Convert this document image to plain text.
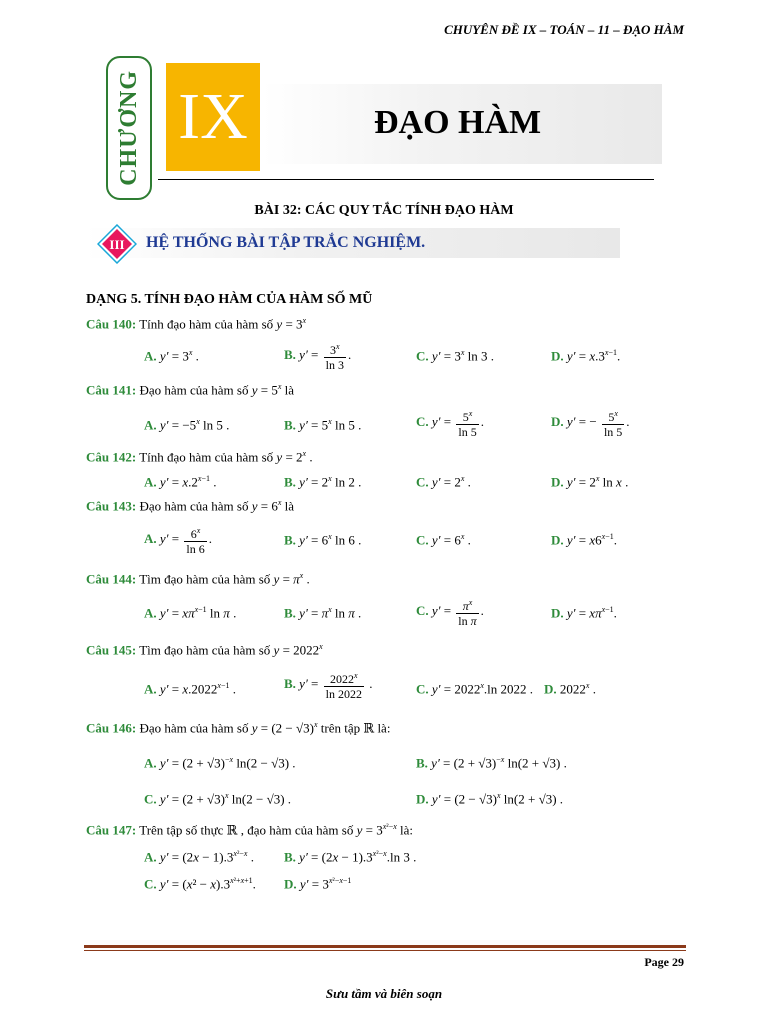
CHUYÊN ĐỀ IX – TOÁN – 11 – ĐẠO HÀM
CHƯƠNG IX	ĐẠO HÀM
BÀI 32: CÁC QUY TẮC TÍNH ĐẠO HÀM
III HỆ THỐNG BÀI TẬP TRẮC NGHIỆM.
DẠNG 5. TÍNH ĐẠO HÀM CỦA HÀM SỐ MŨ
Câu 140: Tính đạo hàm của hàm số $y = 3^x$
A. $y' = 3^x$ .	B. $y' = \frac{3^x}{\ln 3}$ .	C. $y' = 3^x$ ln 3 .	D. $y' = x.3^{x-1}$.
Câu 141: Đạo hàm của hàm số $y = 5^x$ là
A. $y' = -5^x$ ln 5 .	B. $y' = 5^x$ ln 5 .	C. $y' = \frac{5^x}{\ln 5}$ .	D. y′ = − $\frac{5^x}{\ln 5}$ .
Câu 142: Tính đạo hàm của hàm số $y = 2^x$ .
A. $y' = x.2^{x-1}$ .	B. $y' = 2^x$ ln 2 .	C. $y' = 2^x$ .	D. $y' = 2^x$ ln x .
Câu 143: Đạo hàm của hàm số $y = 6^x$ là
A. $y' = \frac{6^x}{\ln 6}$ .	B. $y' = 6^x$ ln 6 .	C. $y' = 6^x$ .	D. $y' = x6^{x-1}$.
Câu 144: Tìm đạo hàm của hàm số $y = \pi^x$ .
A. $y' = x\pi^{x-1}$ ln π .	B. $y' = \pi^x$ ln π .	C. $y' = \frac{\pi^x}{\text{ln π}}$ .	D. $y' = x\pi^{x-1}$.
Câu 145: Tìm đạo hàm của hàm số $y = 2022^x$
A. $y' = x.2022^{x-1}$ .	B. $y' = \frac{2022^x}{\ln 2022}$ .	C. $y' = 2022^x.\ln$ 2022 . D. 2022$^x$ .
Câu 146: Đạo hàm của hàm số $y = (2 - √3)^x$ trên tập ℝ là:
A. $y' = (2 + √3)^{-x}$ ln(2 − √3) .	B. $y' = (2 + √3)^{-x}$ ln(2 + √3) .
C. $y' = (2 + √3)^x$ ln(2 − √3) .	D. $y' = (2 - √3)^x$ ln(2 + √3) .
Câu 147: Trên tập số thực ℝ , đạo hàm của hàm số $y = 3^{x^2-x}$ là:
A. $y' = (2x - 1).3^{x^2-x}$ . B. $y' = (2x - 1).3^{x^2-x}.\ln$ 3 .
C. $y' = (x^2 - x).3^{x^2+x+1}$. D. $y' = 3^{x^2-x-1}$
Page 29
Sưu tầm và biên soạn
